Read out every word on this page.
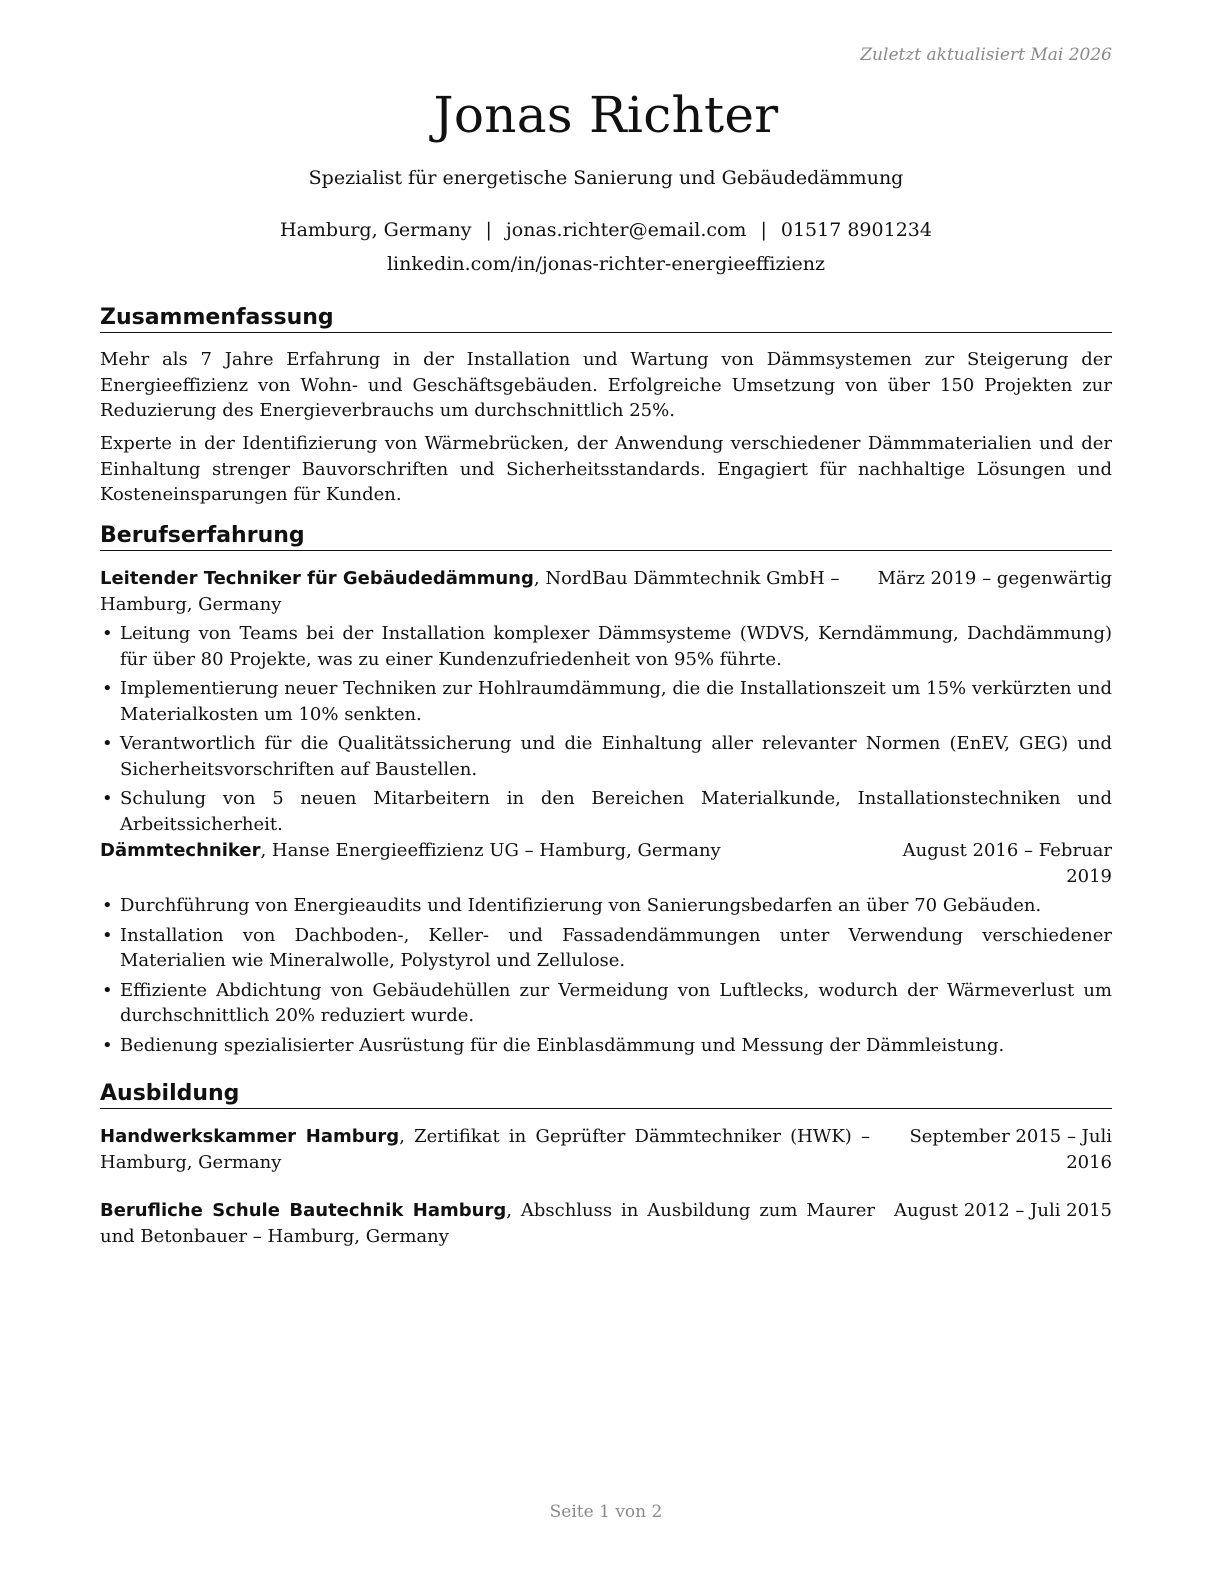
Zuletzt aktualisiert Mai 2026
Jonas Richter
Spezialist für energetische Sanierung und Gebäudedämmung
Hamburg, Germany | jonas.richter@email.com | 01517 8901234
linkedin.com/in/jonas-richter-energieeffizienz
Zusammenfassung

Mehr als 7 Jahre Erfahrung in der Installation und Wartung von Dämmsystemen zur Steigerung der Energieeffizienz von Wohn- und Geschäftsgebäuden. Erfolgreiche Umsetzung von über 150 Projekten zur Reduzierung des Energieverbrauchs um durchschnittlich 25%.

Experte in der Identifizierung von Wärmebrücken, der Anwendung verschiedener Dämmmaterialien und der Einhaltung strenger Bauvorschriften und Sicherheitsstandards. Engagiert für nachhaltige Lösungen und Kosteneinsparungen für Kunden.

Berufserfahrung
Leitender Techniker für Gebäudedämmung, NordBau Dämmtechnik GmbH – Hamburg, Germany
März 2019 – gegenwärtig
• Leitung von Teams bei der Installation komplexer Dämmsysteme (WDVS, Kerndämmung, Dachdämmung) für über 80 Projekte, was zu einer Kundenzufriedenheit von 95% führte.
• Implementierung neuer Techniken zur Hohlraumdämmung, die die Installationszeit um 15% verkürzten und Materialkosten um 10% senkten.
• Verantwortlich für die Qualitätssicherung und die Einhaltung aller relevanter Normen (EnEV, GEG) und Sicherheitsvorschriften auf Baustellen.
• Schulung von 5 neuen Mitarbeitern in den Bereichen Materialkunde, Installationstechniken und Arbeitssicherheit.
Dämmtechniker, Hanse Energieeffizienz UG – Hamburg, Germany	August 2016 – Februar 2019
• Durchführung von Energieaudits und Identifizierung von Sanierungsbedarfen an über 70 Gebäuden.
• Installation von Dachboden-, Keller- und Fassadendämmungen unter Verwendung verschiedener Materialien wie Mineralwolle, Polystyrol und Zellulose.
• Effiziente Abdichtung von Gebäudehüllen zur Vermeidung von Luftlecks, wodurch der Wärmeverlust um durchschnittlich 20% reduziert wurde.
• Bedienung spezialisierter Ausrüstung für die Einblasdämmung und Messung der Dämmleistung.
Ausbildung
Handwerkskammer Hamburg, Zertifikat in Geprüfter Dämmtechniker (HWK) – Hamburg, Germany
September 2015 – Juli 2016
Berufliche Schule Bautechnik Hamburg, Abschluss in Ausbildung zum Maurer und Betonbauer – Hamburg, Germany
August 2012 – Juli 2015
Seite 1 von 2
